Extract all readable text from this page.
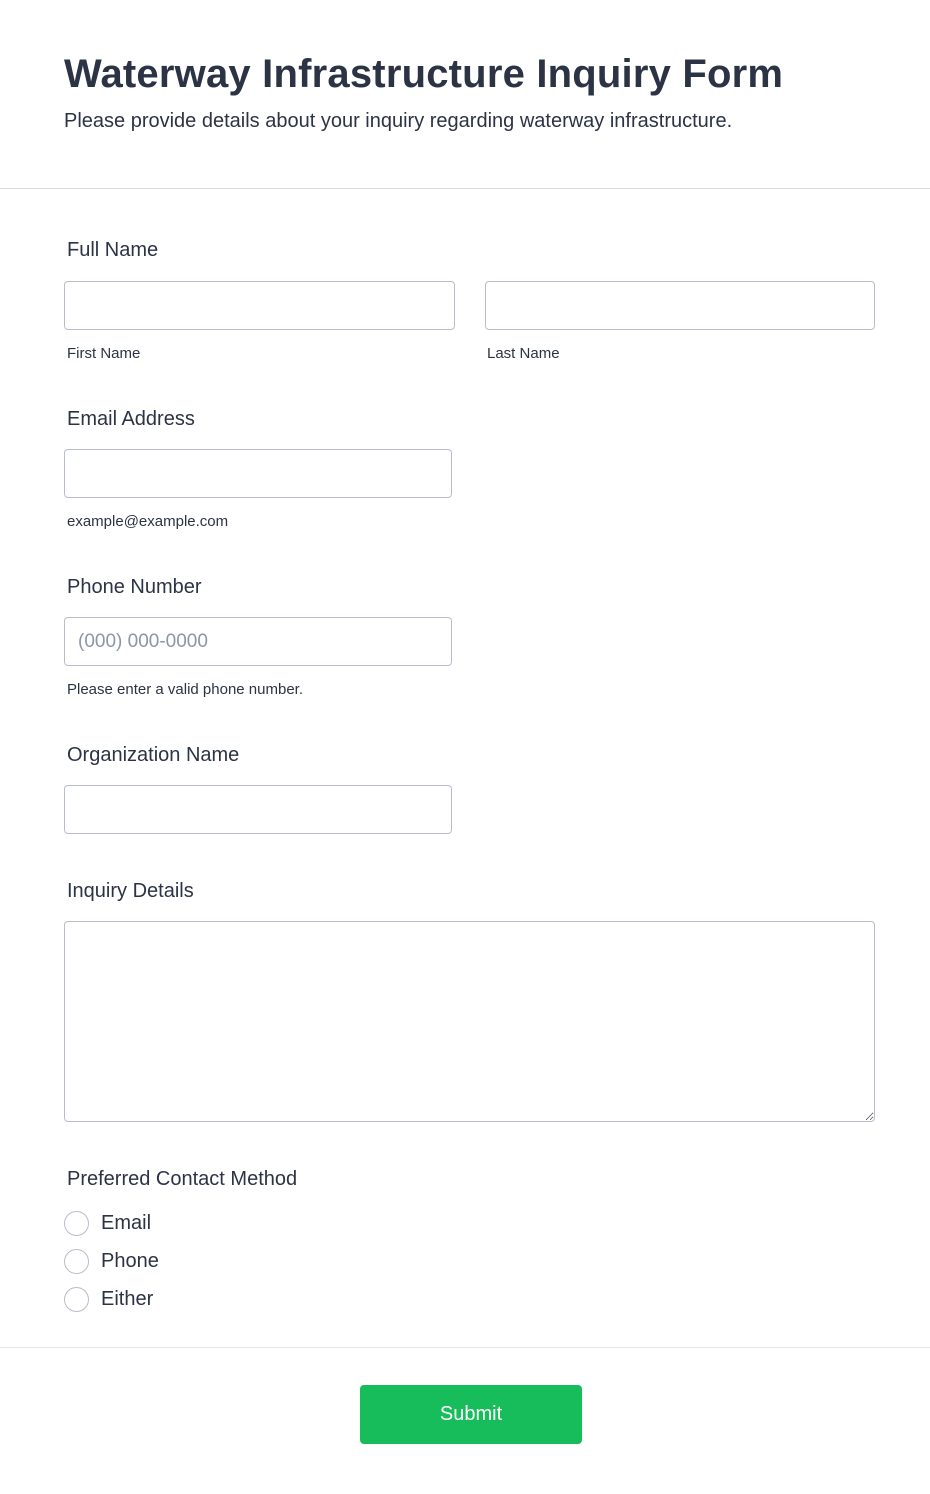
Waterway Infrastructure Inquiry Form
Please provide details about your inquiry regarding waterway infrastructure.
Full Name
First Name	Last Name
Email Address
example@example.com
Phone Number
(000) 000-0000
Please enter a valid phone number.
Organization Name
Inquiry Details
Preferred Contact Method
Email
Phone
Either
Submit
